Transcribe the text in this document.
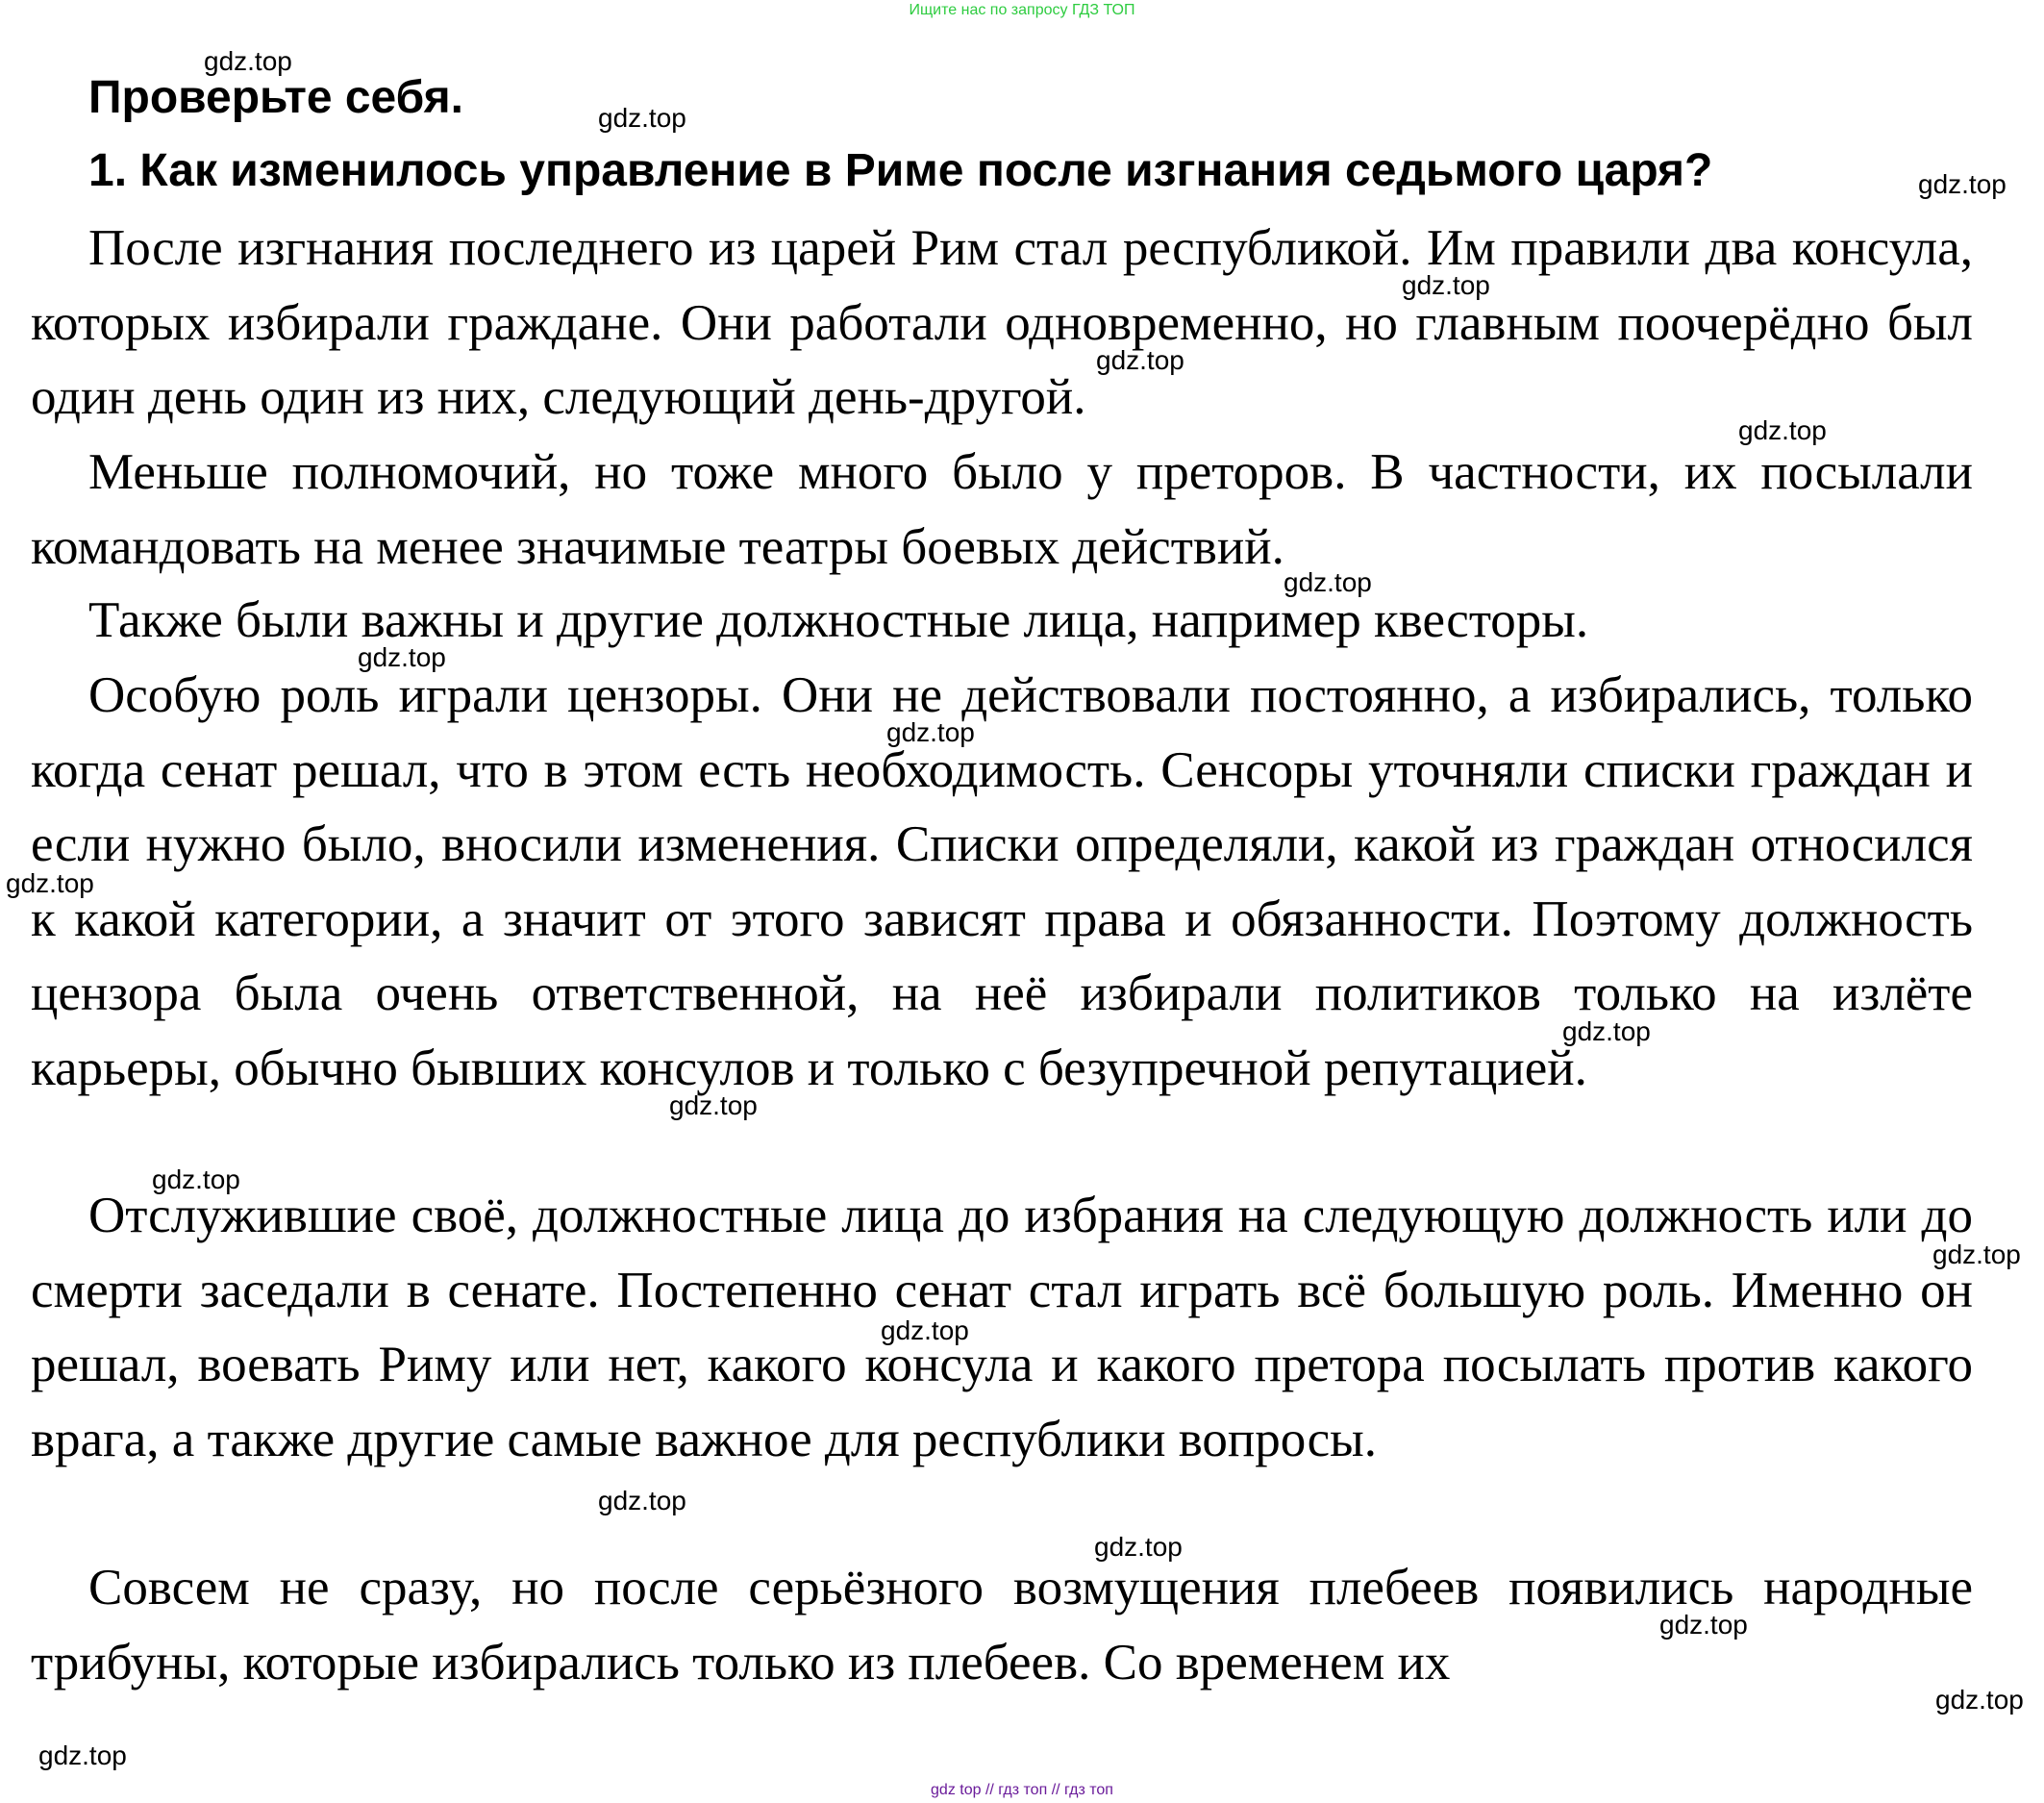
Ищите нас по запросу ГДЗ ТОП
Проверьте себя.
1. Как изменилось управление в Риме после изгнания седьмого царя?

После изгнания последнего из царей Рим стал республикой. Им правили два консула, которых избирали граждане. Они работали одновременно, но главным поочерёдно был один день один из них, следующий день-другой.

Меньше полномочий, но тоже много было у преторов. В частности, их посылали командовать на менее значимые театры боевых действий.

Также были важны и другие должностные лица, например квесторы.

Особую роль играли цензоры. Они не действовали постоянно, а избирались, только когда сенат решал, что в этом есть необходимость. Сенсоры уточняли списки граждан и если нужно было, вносили изменения. Списки определяли, какой из граждан относился к какой категории, а значит от этого зависят права и обязанности. Поэтому должность цензора была очень ответственной, на неё избирали политиков только на излёте карьеры, обычно бывших консулов и только с безупречной репутацией.

Отслужившие своё, должностные лица до избрания на следующую должность или до смерти заседали в сенате. Постепенно сенат стал играть всё большую роль. Именно он решал, воевать Риму или нет, какого консула и какого претора посылать против какого врага, а также другие самые важное для республики вопросы.

Совсем не сразу, но после серьёзного возмущения плебеев появились народные трибуны, которые избирались только из плебеев. Со временем их

gdz.top
gdz.top
gdz.top
gdz.top
gdz.top
gdz.top
gdz.top
gdz.top
gdz.top
gdz.top
gdz.top
gdz.top
gdz.top
gdz.top
gdz.top
gdz.top
gdz.top
gdz.top
gdz.top
gdz.top
gdz top // гдз топ // гдз топ
